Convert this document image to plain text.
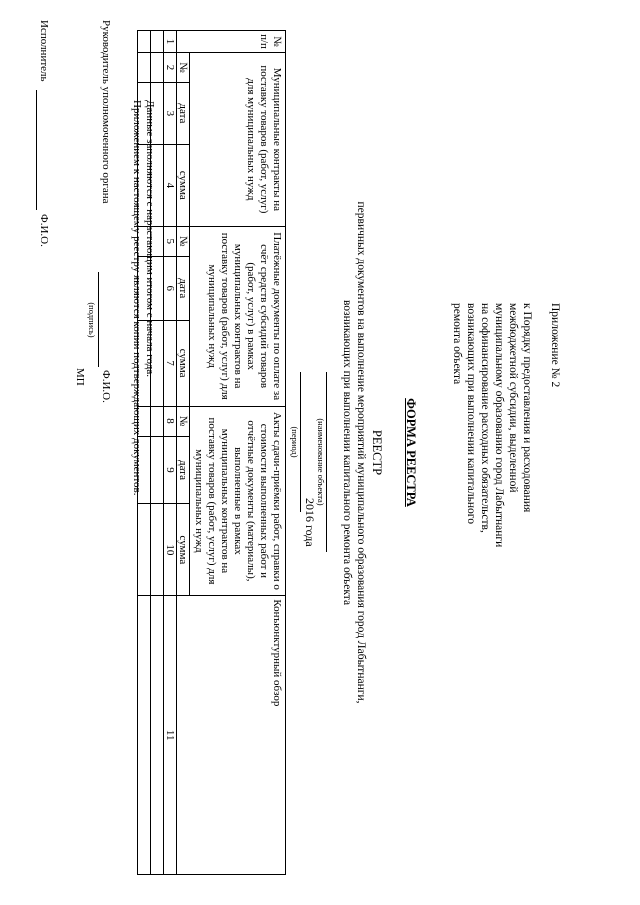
Приложение № 2
к Порядку предоставления и расходования
межбюджетной субсидии, выделенной
муниципальному образованию город Лабытнанги
на софинансирование расходных обязательств,
возникающих при выполнении капитального
ремонта объекта
ФОРМА РЕЕСТРА
РЕЕСТР
первичных документов на выполнение мероприятий муниципального образования город Лабытнанги,
возникающих при выполнении капитального ремонта объекта
(наименование объекта)
2016 года
(период)
№ п/п	Муниципальные контракты на поставку товаров (работ, услуг) для муниципальных нужд			Платёжные документы по оплате за счёт средств субсидий товаров (работ, услуг) в рамках муниципальных контрактов на поставку товаров (работ, услуг) для муниципальных нужд			Акты сдачи-приёмки работ, справки о стоимости выполненных работ и отчётные документы (материалы), выполненные в рамках муниципальных контрактов на поставку товаров (работ, услуг) для муниципальных нужд			Конъюнктурный обзор
	№	дата	сумма	№	дата	сумма	№	дата	сумма	
1	2	3	4	5	6	7	8	9	10	11

Данные заполняются с нарастающим итогом с начала года.
Приложением к настоящему реестру являются копии подтверждающих документов.
Руководитель уполномоченного органа
Ф.И.О.
(подпись)
МП
Исполнитель
Ф.И.О.
